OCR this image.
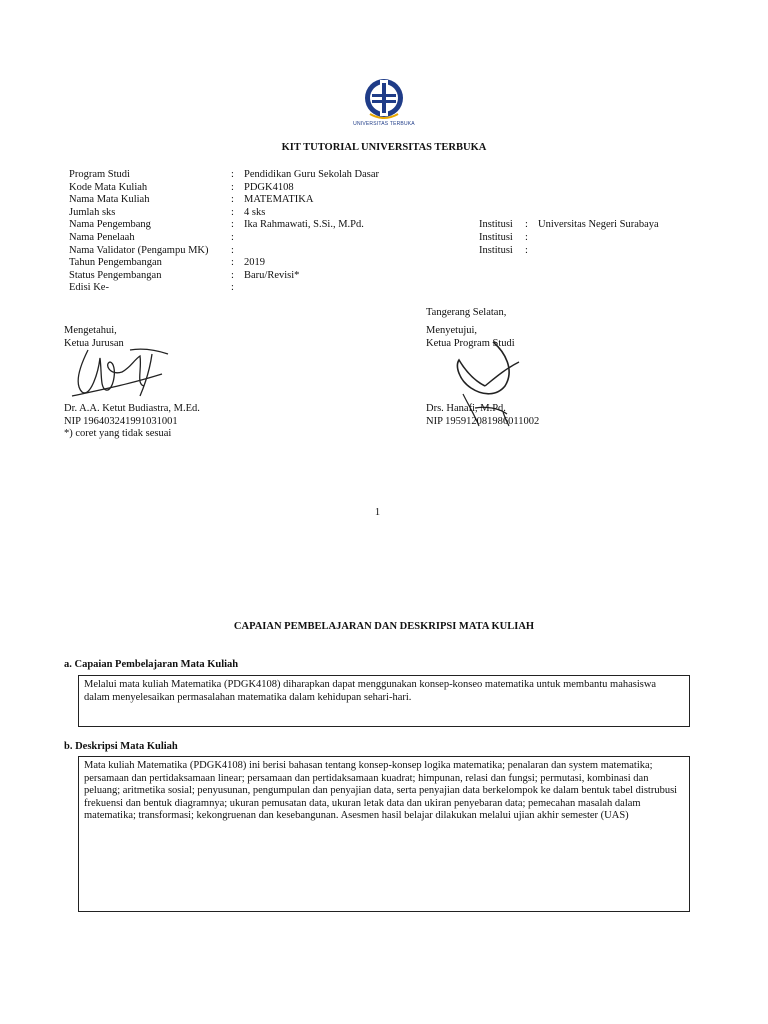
UNIVERSITAS TERBUKA
KIT TUTORIAL UNIVERSITAS TERBUKA
Program Studi	: Pendidikan Guru Sekolah Dasar
Kode Mata Kuliah	: PDGK4108
Nama Mata Kuliah	: MATEMATIKA
Jumlah sks	: 4 sks
Nama Pengembang	: Ika Rahmawati, S.Si., M.Pd.	Institusi : Universitas Negeri Surabaya
Nama Penelaah	:	Institusi :
Nama Validator (Pengampu MK) :	Institusi :
Tahun Pengembangan	: 2019
Status Pengembangan	: Baru/Revisi*
Edisi Ke-	:
Tangerang Selatan,
Mengetahui,
Ketua Jurusan
Dr. A.A. Ketut Budiastra, M.Ed.
NIP 196403241991031001
*) coret yang tidak sesuai
Menyetujui,
Ketua Program Studi
Drs. Hanafi, M.Pd.
NIP 195912081986011002
1
CAPAIAN PEMBELAJARAN DAN DESKRIPSI MATA KULIAH
a. Capaian Pembelajaran Mata Kuliah

Melalui mata kuliah Matematika (PDGK4108) diharapkan dapat menggunakan konsep-konseo matematika untuk membantu mahasiswa dalam menyelesaikan permasalahan matematika dalam kehidupan sehari-hari.

b. Deskripsi Mata Kuliah

Mata kuliah Matematika (PDGK4108) ini berisi bahasan tentang konsep-konsep logika matematika; penalaran dan system matematika; persamaan dan pertidaksamaan linear; persamaan dan pertidaksamaan kuadrat; himpunan, relasi dan fungsi; permutasi, kombinasi dan peluang; aritmetika sosial; penyusunan, pengumpulan dan penyajian data, serta penyajian data berkelompok ke dalam bentuk tabel distrubusi frekuensi dan bentuk diagramnya; ukuran pemusatan data, ukuran letak data dan ukiran penyebaran data; pemecahan masalah dalam matematika; transformasi; kekongruenan dan kesebangunan. Asesmen hasil belajar dilakukan melalui ujian akhir semester (UAS)
